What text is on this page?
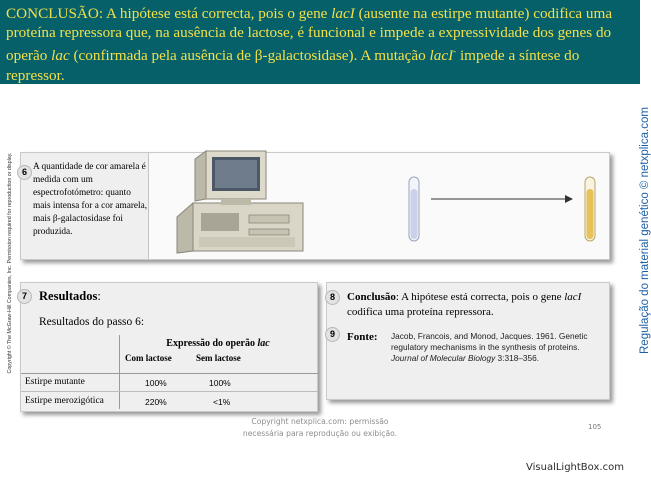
CONCLUSÃO: A hipótese está correcta, pois o gene lacI (ausente na estirpe mutante) codifica uma proteína repressora que, na ausência de lactose, é funcional e impede a expressividade dos genes do operão lac (confirmada pela ausência de β-galactosidase). A mutação lacI- impede a síntese do repressor.
Copyright © The McGraw-Hill Companies, Inc. Permission required for reproduction or display.	Regulação do material genético © netxplica.com
6 A quantidade de cor amarela é medida com um espectrofotómetro: quanto mais intensa for a cor amarela, mais β-galactosidase foi produzida.
7 Resultados:
Resultados do passo 6:
Expressão do operão lac
Com lactose	Sem lactose
Estirpe mutante	100%	100%
Estirpe merozigótica	220%	<1%
8	Conclusão: A hipótese está correcta, pois o gene lacI codifica uma proteína repressora.
9	Fonte: Jacob, Francois, and Monod, Jacques. 1961. Genetic regulatory mechanisms in the synthesis of proteins. Journal of Molecular Biology 3:318–356.
Copyright netxplica.com: permissão
necessária para reprodução ou exibição.
105
VisualLightBox.com
